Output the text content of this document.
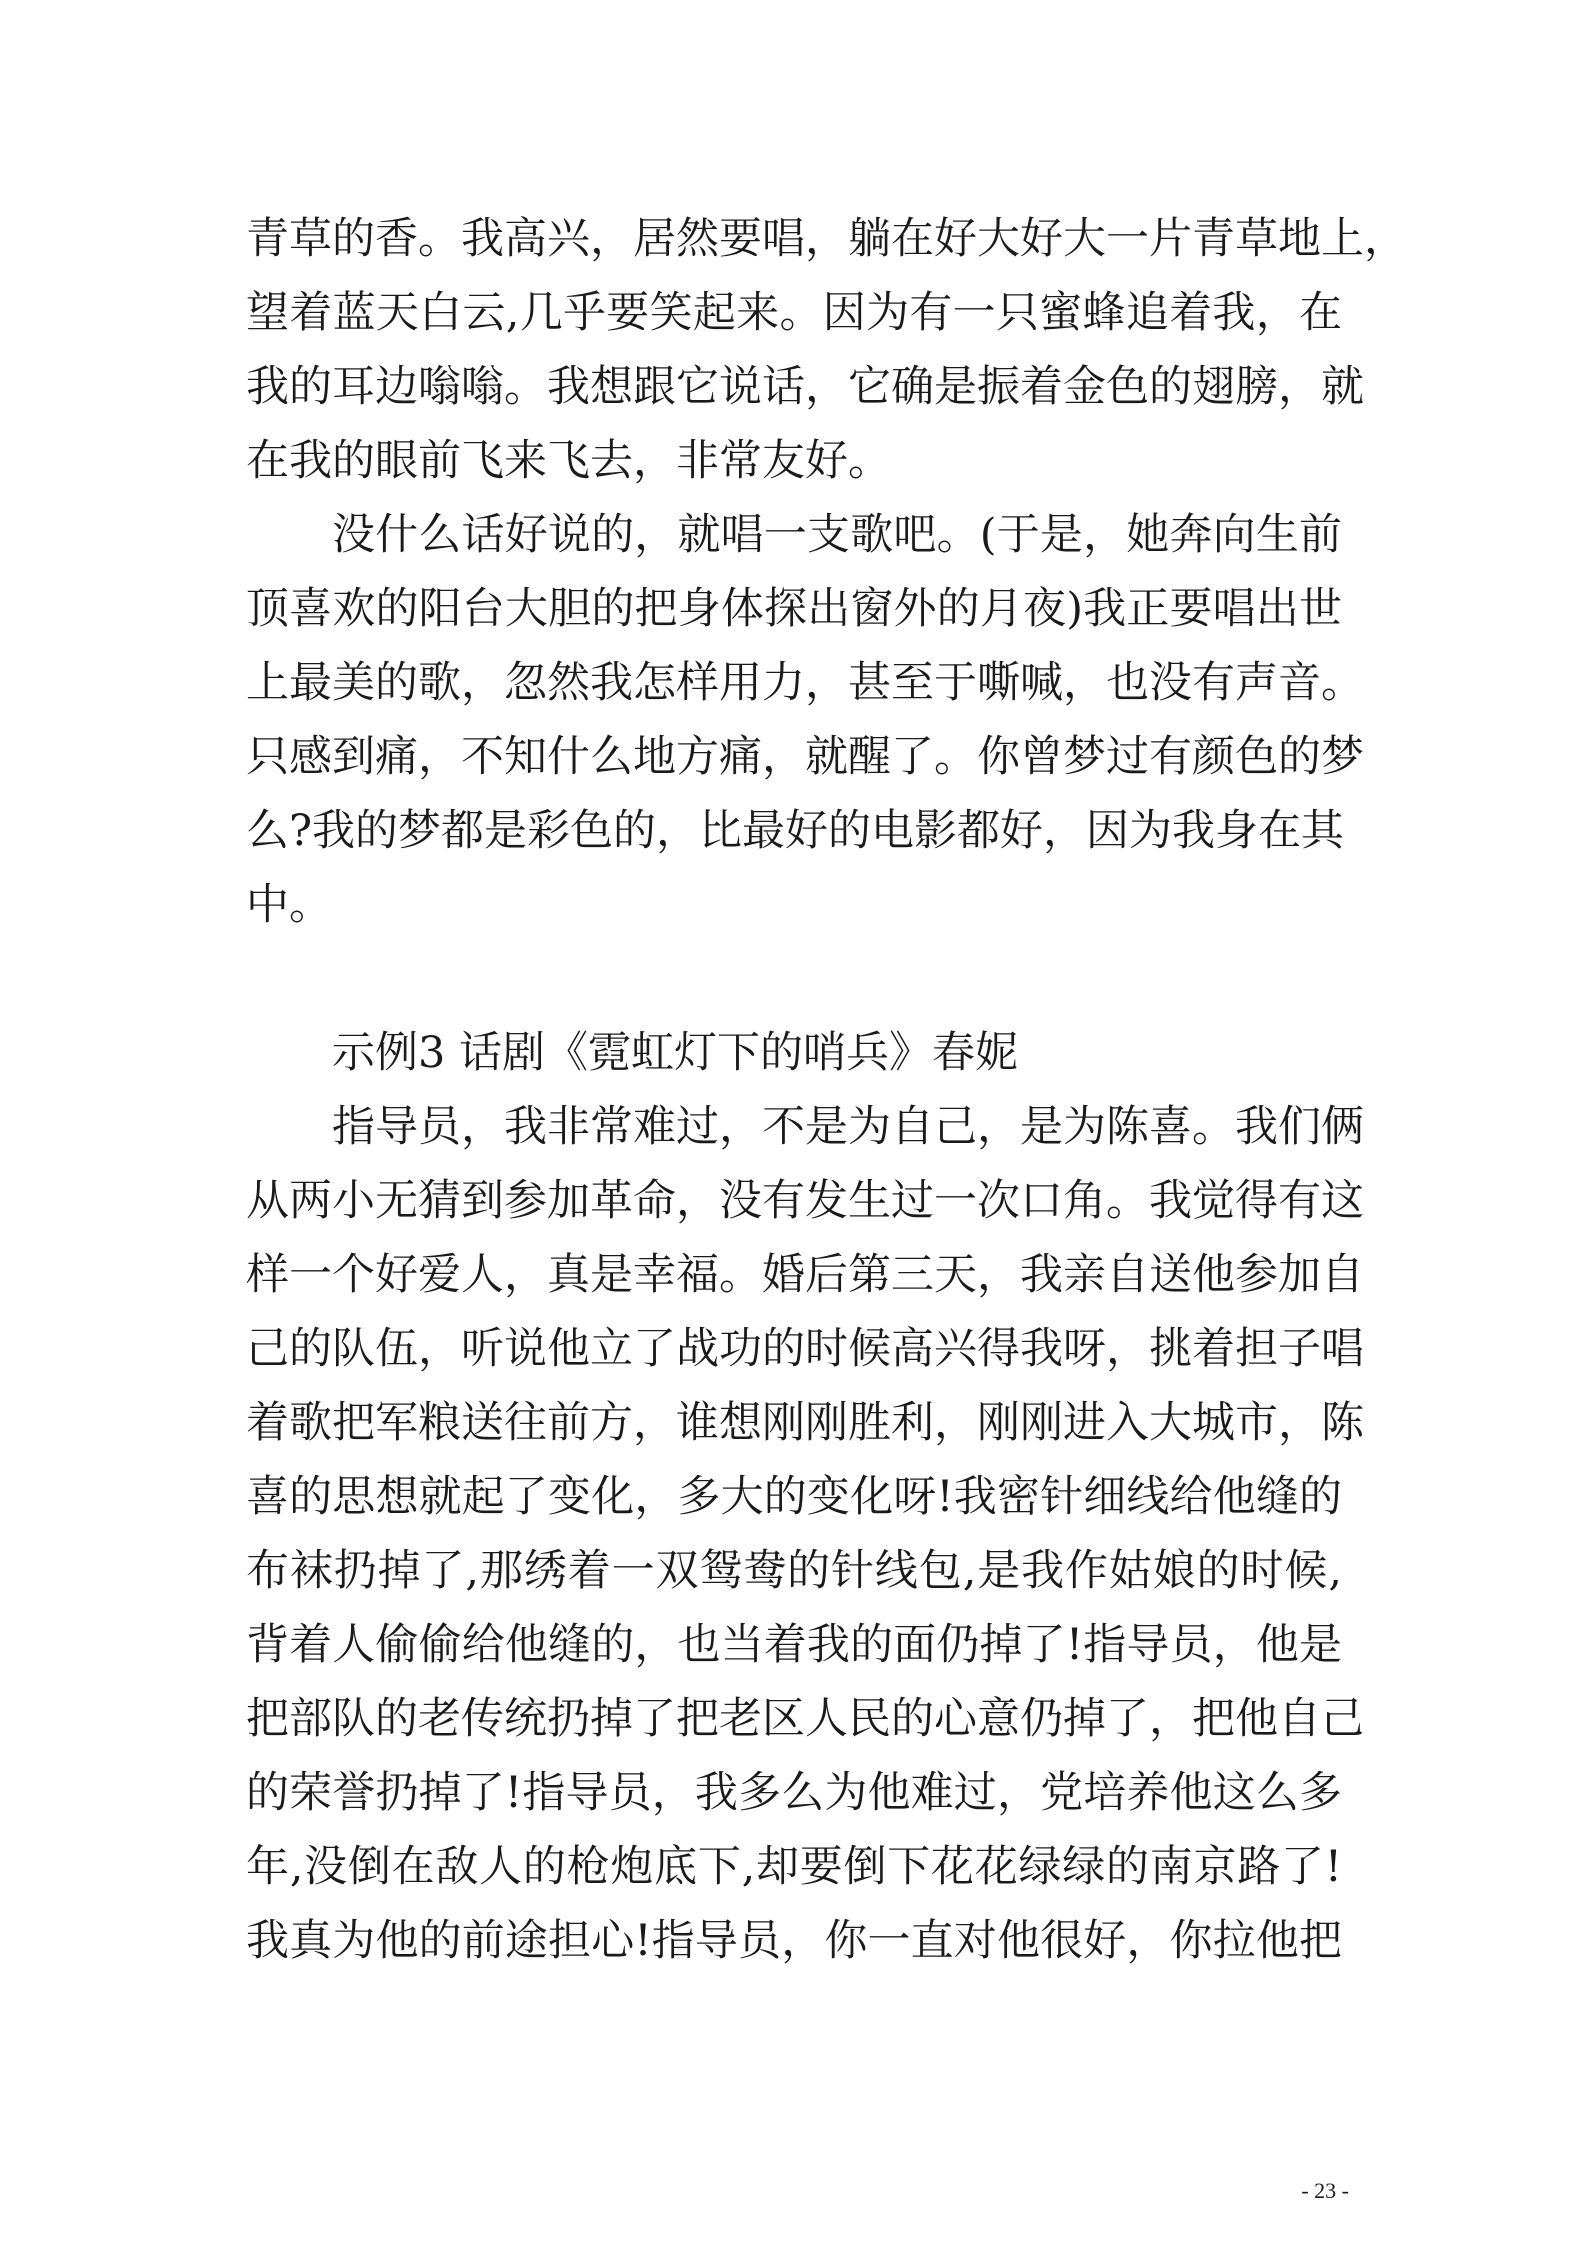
青草的香。我高兴，居然要唱，躺在好大好大一片青草地上，
望着蓝天白云,几乎要笑起来。因为有一只蜜蜂追着我，在
我的耳边嗡嗡。我想跟它说话，它确是振着金色的翅膀，就
在我的眼前飞来飞去，非常友好。
没什么话好说的，就唱一支歌吧。(于是，她奔向生前
顶喜欢的阳台大胆的把身体探出窗外的月夜)我正要唱出世
上最美的歌，忽然我怎样用力，甚至于嘶喊，也没有声音。
只感到痛，不知什么地方痛，就醒了。你曾梦过有颜色的梦
么?我的梦都是彩色的，比最好的电影都好，因为我身在其
中。
示例3 话剧《霓虹灯下的哨兵》春妮
指导员，我非常难过，不是为自己，是为陈喜。我们俩
从两小无猜到参加革命，没有发生过一次口角。我觉得有这
样一个好爱人，真是幸福。婚后第三天，我亲自送他参加自
己的队伍，听说他立了战功的时候高兴得我呀，挑着担子唱
着歌把军粮送往前方，谁想刚刚胜利，刚刚进入大城市，陈
喜的思想就起了变化，多大的变化呀!我密针细线给他缝的
布袜扔掉了,那绣着一双鸳鸯的针线包,是我作姑娘的时候,
背着人偷偷给他缝的，也当着我的面仍掉了!指导员，他是
把部队的老传统扔掉了把老区人民的心意仍掉了，把他自己
的荣誉扔掉了!指导员，我多么为他难过，党培养他这么多
年,没倒在敌人的枪炮底下,却要倒下花花绿绿的南京路了!
我真为他的前途担心!指导员，你一直对他很好，你拉他把
- 23 -
